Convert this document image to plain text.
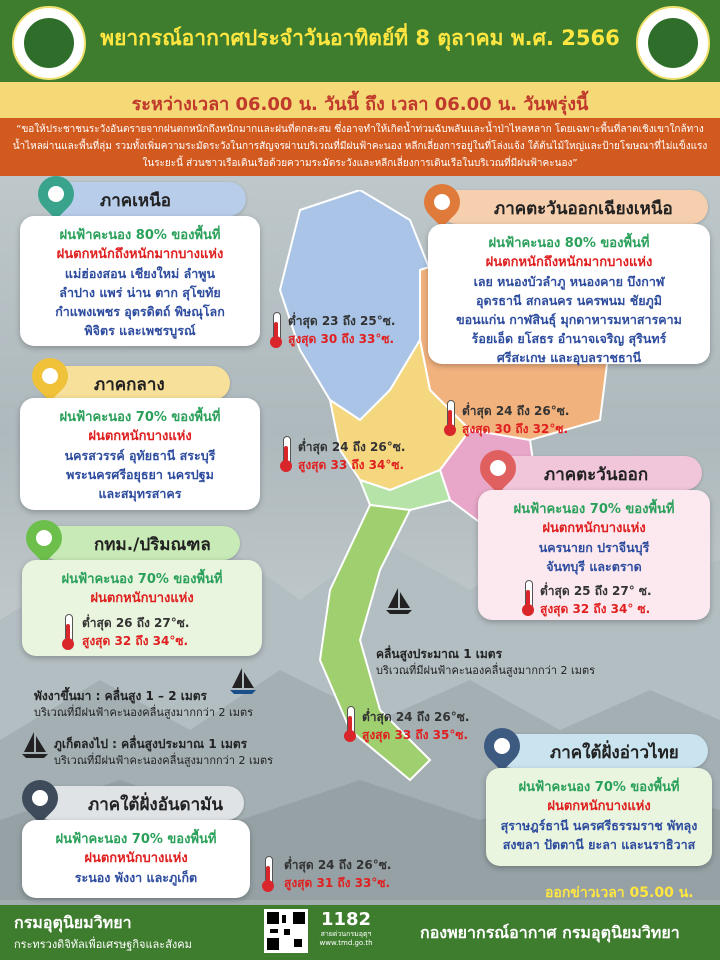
พยากรณ์อากาศประจำวันอาทิตย์ที่ 8 ตุลาคม พ.ศ. 2566
ระหว่างเวลา 06.00 น. วันนี้ ถึง เวลา 06.00 น. วันพรุ่งนี้
“ขอให้ประชาชนระวังอันตรายจากฝนตกหนักถึงหนักมากและฝนที่ตกสะสม ซึ่งอาจทำให้เกิดน้ำท่วมฉับพลันและน้ำป่าไหลหลาก โดยเฉพาะพื้นที่ลาดเชิงเขาใกล้ทางน้ำไหลผ่านและพื้นที่ลุ่ม รวมทั้งเพิ่มความระมัดระวังในการสัญจรผ่านบริเวณที่มีฝนฟ้าคะนอง หลีกเลี่ยงการอยู่ในที่โล่งแจ้ง ใต้ต้นไม้ใหญ่และป้ายโฆษณาที่ไม่แข็งแรงในระยะนี้ ส่วนชาวเรือเดินเรือด้วยความระมัดระวังและหลีกเลี่ยงการเดินเรือในบริเวณที่มีฝนฟ้าคะนอง”
ภาคเหนือ
ฝนฟ้าคะนอง 80% ของพื้นที่
ฝนตกหนักถึงหนักมากบางแห่ง
แม่ฮ่องสอน เชียงใหม่ ลำพูน
ลำปาง แพร่ น่าน ตาก สุโขทัย
กำแพงเพชร อุตรดิตถ์ พิษณุโลก
พิจิตร และเพชรบูรณ์
ต่ำสุด 23 ถึง 25°ซ.
สูงสุด 30 ถึง 33°ซ.
ภาคตะวันออกเฉียงเหนือ
ฝนฟ้าคะนอง 80% ของพื้นที่
ฝนตกหนักถึงหนักมากบางแห่ง
เลย หนองบัวลำภู หนองคาย บึงกาฬ
อุดรธานี สกลนคร นครพนม ชัยภูมิ
ขอนแก่น กาฬสินธุ์ มุกดาหารมหาสารคาม
ร้อยเอ็ด ยโสธร อำนาจเจริญ สุรินทร์
ศรีสะเกษ และอุบลราชธานี
ต่ำสุด 24 ถึง 26°ซ.
สูงสุด 30 ถึง 32°ซ.
ภาคกลาง
ฝนฟ้าคะนอง 70% ของพื้นที่
ฝนตกหนักบางแห่ง
นครสวรรค์ อุทัยธานี สระบุรี
พระนครศรีอยุธยา นครปฐม
และสมุทรสาคร
ต่ำสุด 24 ถึง 26°ซ.
สูงสุด 33 ถึง 34°ซ.	ภาคตะวันออก
ฝนฟ้าคะนอง 70% ของพื้นที่
ฝนตกหนักบางแห่ง
นครนายก ปราจีนบุรี
จันทบุรี และตราด
ต่ำสุด 25 ถึง 27° ซ.
สูงสุด 32 ถึง 34° ซ.
กทม./ปริมณฑล
ฝนฟ้าคะนอง 70% ของพื้นที่
ฝนตกหนักบางแห่ง
ต่ำสุด 26 ถึง 27°ซ.
สูงสุด 32 ถึง 34°ซ.
คลื่นสูงประมาณ 1 เมตร
บริเวณที่มีฝนฟ้าคะนองคลื่นสูงมากกว่า 2 เมตร
พังงาขึ้นมา : คลื่นสูง 1 – 2 เมตร
บริเวณที่มีฝนฟ้าคะนองคลื่นสูงมากกว่า 2 เมตร
ภูเก็ตลงไป : คลื่นสูงประมาณ 1 เมตร
บริเวณที่มีฝนฟ้าคะนองคลื่นสูงมากกว่า 2 เมตร
ต่ำสุด 24 ถึง 26°ซ.
สูงสุด 33 ถึง 35°ซ.
ภาคใต้ฝั่งอ่าวไทย
ฝนฟ้าคะนอง 70% ของพื้นที่
ฝนตกหนักบางแห่ง
สุราษฎร์ธานี นครศรีธรรมราช พัทลุง
สงขลา ปัตตานี ยะลา และนราธิวาส
ภาคใต้ฝั่งอันดามัน
ฝนฟ้าคะนอง 70% ของพื้นที่
ฝนตกหนักบางแห่ง
ระนอง พังงา และภูเก็ต
ต่ำสุด 24 ถึง 26°ซ.
สูงสุด 31 ถึง 33°ซ.
กรมอุตุนิยมวิทยา
กระทรวงดิจิทัลเพื่อเศรษฐกิจและสังคม
1182
สายด่วนกรมอุตุฯ
www.tmd.go.th
กองพยากรณ์อากาศ กรมอุตุนิยมวิทยา
ออกข่าวเวลา 05.00 น.
